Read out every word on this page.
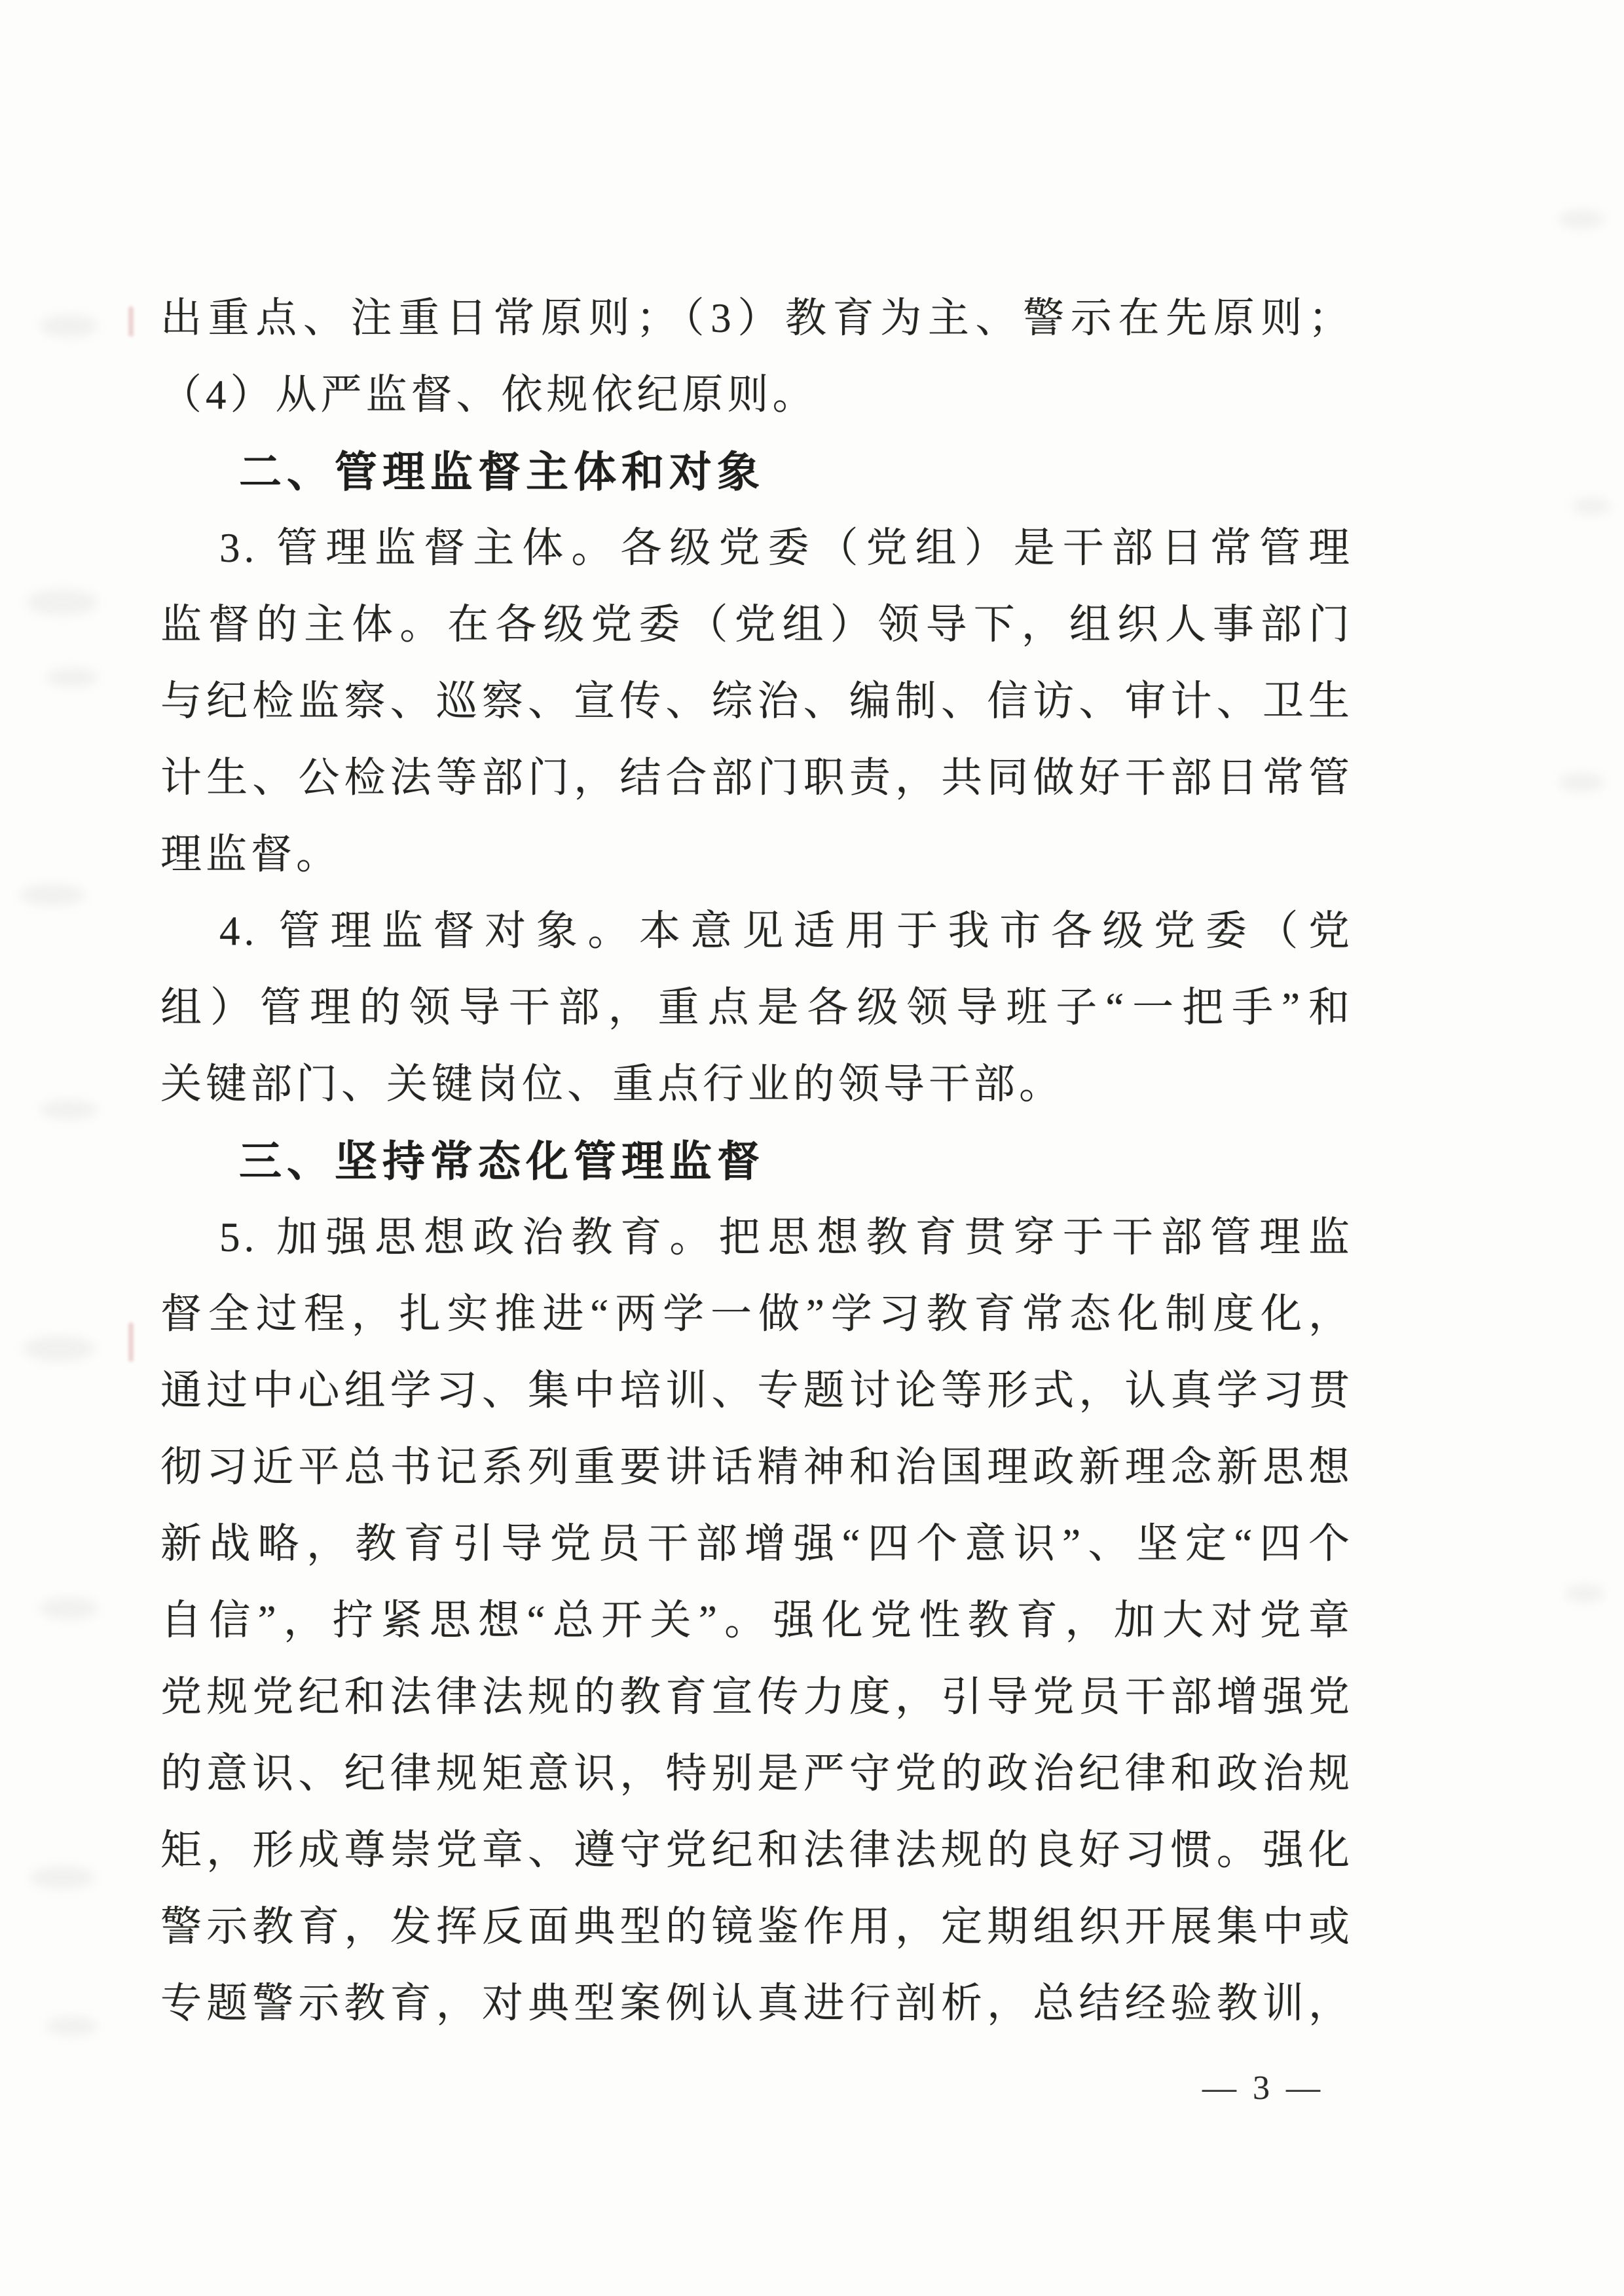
出重点、注重日常原则；（3）教育为主、警示在先原则；
（4）从严监督、依规依纪原则。
二、管理监督主体和对象
3. 管理监督主体。各级党委（党组）是干部日常管理
监督的主体。在各级党委（党组）领导下，组织人事部门
与纪检监察、巡察、宣传、综治、编制、信访、审计、卫生
计生、公检法等部门，结合部门职责，共同做好干部日常管
理监督。
4. 管理监督对象。本意见适用于我市各级党委（党
组）管理的领导干部，重点是各级领导班子“一把手”和
关键部门、关键岗位、重点行业的领导干部。
三、坚持常态化管理监督
5. 加强思想政治教育。把思想教育贯穿于干部管理监
督全过程，扎实推进“两学一做”学习教育常态化制度化，
通过中心组学习、集中培训、专题讨论等形式，认真学习贯
彻习近平总书记系列重要讲话精神和治国理政新理念新思想
新战略，教育引导党员干部增强“四个意识”、坚定“四个
自信”，拧紧思想“总开关”。强化党性教育，加大对党章
党规党纪和法律法规的教育宣传力度，引导党员干部增强党
的意识、纪律规矩意识，特别是严守党的政治纪律和政治规
矩，形成尊崇党章、遵守党纪和法律法规的良好习惯。强化
警示教育，发挥反面典型的镜鉴作用，定期组织开展集中或
专题警示教育，对典型案例认真进行剖析，总结经验教训，
— 3 —
